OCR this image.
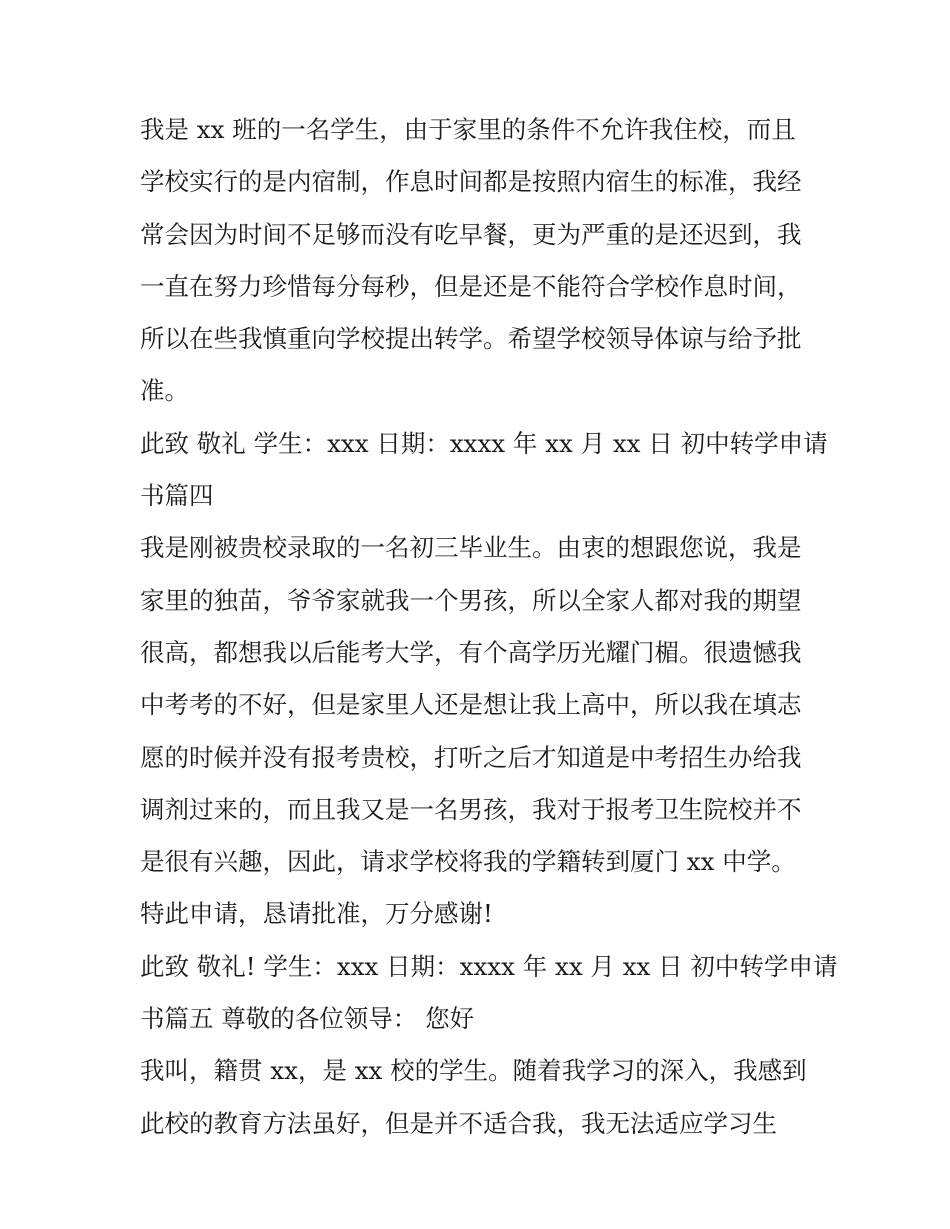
我是 xx 班的一名学生，由于家里的条件不允许我住校，而且
学校实行的是内宿制，作息时间都是按照内宿生的标准，我经
常会因为时间不足够而没有吃早餐，更为严重的是还迟到，我
一直在努力珍惜每分每秒，但是还是不能符合学校作息时间，
所以在些我慎重向学校提出转学。希望学校领导体谅与给予批
准。
此致 敬礼 学生：xxx 日期：xxxx 年 xx 月 xx 日 初中转学申请
书篇四
我是刚被贵校录取的一名初三毕业生。由衷的想跟您说，我是
家里的独苗，爷爷家就我一个男孩，所以全家人都对我的期望
很高，都想我以后能考大学，有个高学历光耀门楣。很遗憾我
中考考的不好，但是家里人还是想让我上高中，所以我在填志
愿的时候并没有报考贵校，打听之后才知道是中考招生办给我
调剂过来的，而且我又是一名男孩，我对于报考卫生院校并不
是很有兴趣，因此，请求学校将我的学籍转到厦门 xx 中学。
特此申请，恳请批准，万分感谢!
此致 敬礼! 学生：xxx 日期：xxxx 年 xx 月 xx 日 初中转学申请
书篇五 尊敬的各位领导： 您好
我叫，籍贯 xx，是 xx 校的学生。随着我学习的深入，我感到
此校的教育方法虽好，但是并不适合我，我无法适应学习生
